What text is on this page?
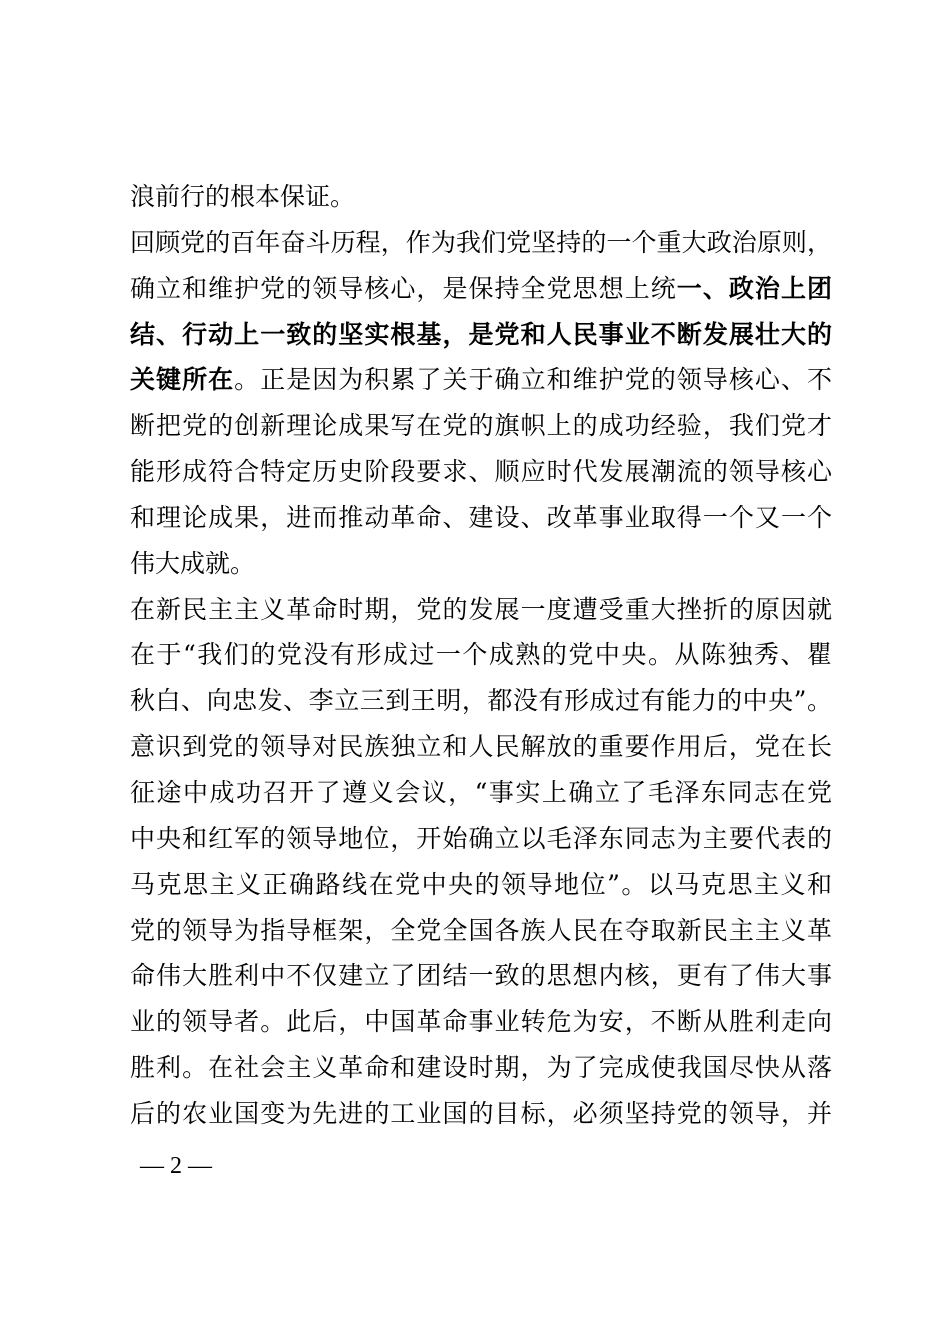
浪前行的根本保证。
回顾党的百年奋斗历程，作为我们党坚持的一个重大政治原则，
确立和维护党的领导核心，是保持全党思想上统一、政治上团
结、行动上一致的坚实根基，是党和人民事业不断发展壮大的
关键所在。正是因为积累了关于确立和维护党的领导核心、不
断把党的创新理论成果写在党的旗帜上的成功经验，我们党才
能形成符合特定历史阶段要求、顺应时代发展潮流的领导核心
和理论成果，进而推动革命、建设、改革事业取得一个又一个
伟大成就。
在新民主主义革命时期，党的发展一度遭受重大挫折的原因就
在于“我们的党没有形成过一个成熟的党中央。从陈独秀、瞿
秋白、向忠发、李立三到王明，都没有形成过有能力的中央”。
意识到党的领导对民族独立和人民解放的重要作用后，党在长
征途中成功召开了遵义会议，“事实上确立了毛泽东同志在党
中央和红军的领导地位，开始确立以毛泽东同志为主要代表的
马克思主义正确路线在党中央的领导地位”。以马克思主义和
党的领导为指导框架，全党全国各族人民在夺取新民主主义革
命伟大胜利中不仅建立了团结一致的思想内核，更有了伟大事
业的领导者。此后，中国革命事业转危为安，不断从胜利走向
胜利。在社会主义革命和建设时期，为了完成使我国尽快从落
后的农业国变为先进的工业国的目标，必须坚持党的领导，并
— 2 —
